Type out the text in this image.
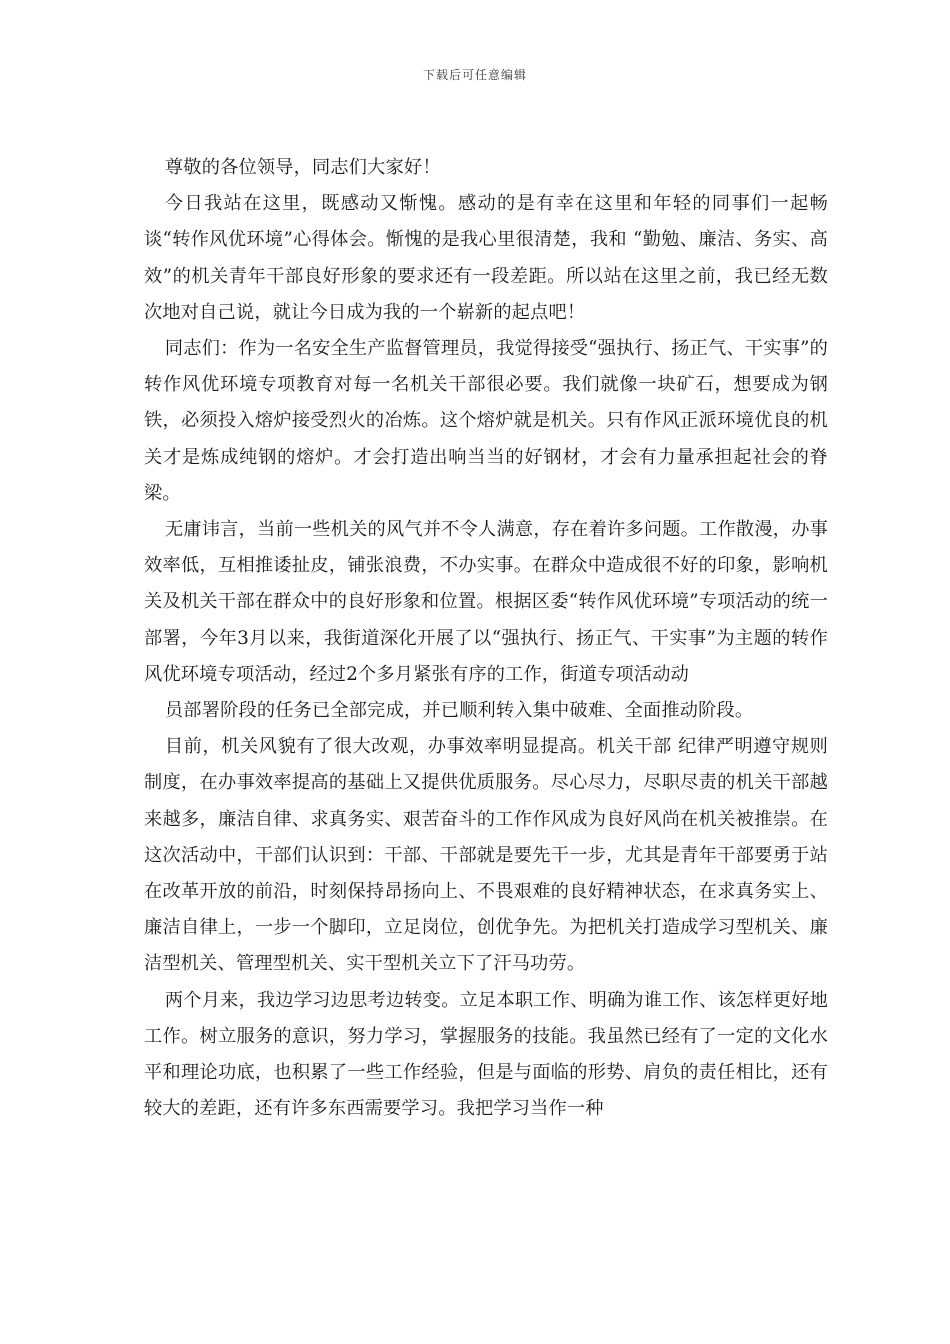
下载后可任意编辑

尊敬的各位领导，同志们大家好！

今日我站在这里，既感动又惭愧。感动的是有幸在这里和年轻的同事们一起畅谈“转作风优环境”心得体会。惭愧的是我心里很清楚，我和 “勤勉、廉洁、务实、高效”的机关青年干部良好形象的要求还有一段差距。所以站在这里之前，我已经无数次地对自己说，就让今日成为我的一个崭新的起点吧！

同志们：作为一名安全生产监督管理员，我觉得接受“强执行、扬正气、干实事”的转作风优环境专项教育对每一名机关干部很必要。我们就像一块矿石，想要成为钢铁，必须投入熔炉接受烈火的冶炼。这个熔炉就是机关。只有作风正派环境优良的机关才是炼成纯钢的熔炉。才会打造出响当当的好钢材，才会有力量承担起社会的脊梁。

无庸讳言，当前一些机关的风气并不令人满意，存在着许多问题。工作散漫，办事效率低，互相推诿扯皮，铺张浪费，不办实事。在群众中造成很不好的印象，影响机关及机关干部在群众中的良好形象和位置。根据区委“转作风优环境”专项活动的统一部署，今年3月以来，我街道深化开展了以“强执行、扬正气、干实事”为主题的转作风优环境专项活动，经过2个多月紧张有序的工作，街道专项活动动

员部署阶段的任务已全部完成，并已顺利转入集中破难、全面推动阶段。

目前，机关风貌有了很大改观，办事效率明显提高。机关干部 纪律严明遵守规则制度，在办事效率提高的基础上又提供优质服务。尽心尽力，尽职尽责的机关干部越来越多，廉洁自律、求真务实、艰苦奋斗的工作作风成为良好风尚在机关被推崇。在这次活动中，干部们认识到：干部、干部就是要先干一步，尤其是青年干部要勇于站在改革开放的前沿，时刻保持昂扬向上、不畏艰难的良好精神状态，在求真务实上、廉洁自律上，一步一个脚印，立足岗位，创优争先。为把机关打造成学习型机关、廉洁型机关、管理型机关、实干型机关立下了汗马功劳。

两个月来，我边学习边思考边转变。立足本职工作、明确为谁工作、该怎样更好地工作。树立服务的意识，努力学习，掌握服务的技能。我虽然已经有了一定的文化水平和理论功底，也积累了一些工作经验，但是与面临的形势、肩负的责任相比，还有较大的差距，还有许多东西需要学习。我把学习当作一种
